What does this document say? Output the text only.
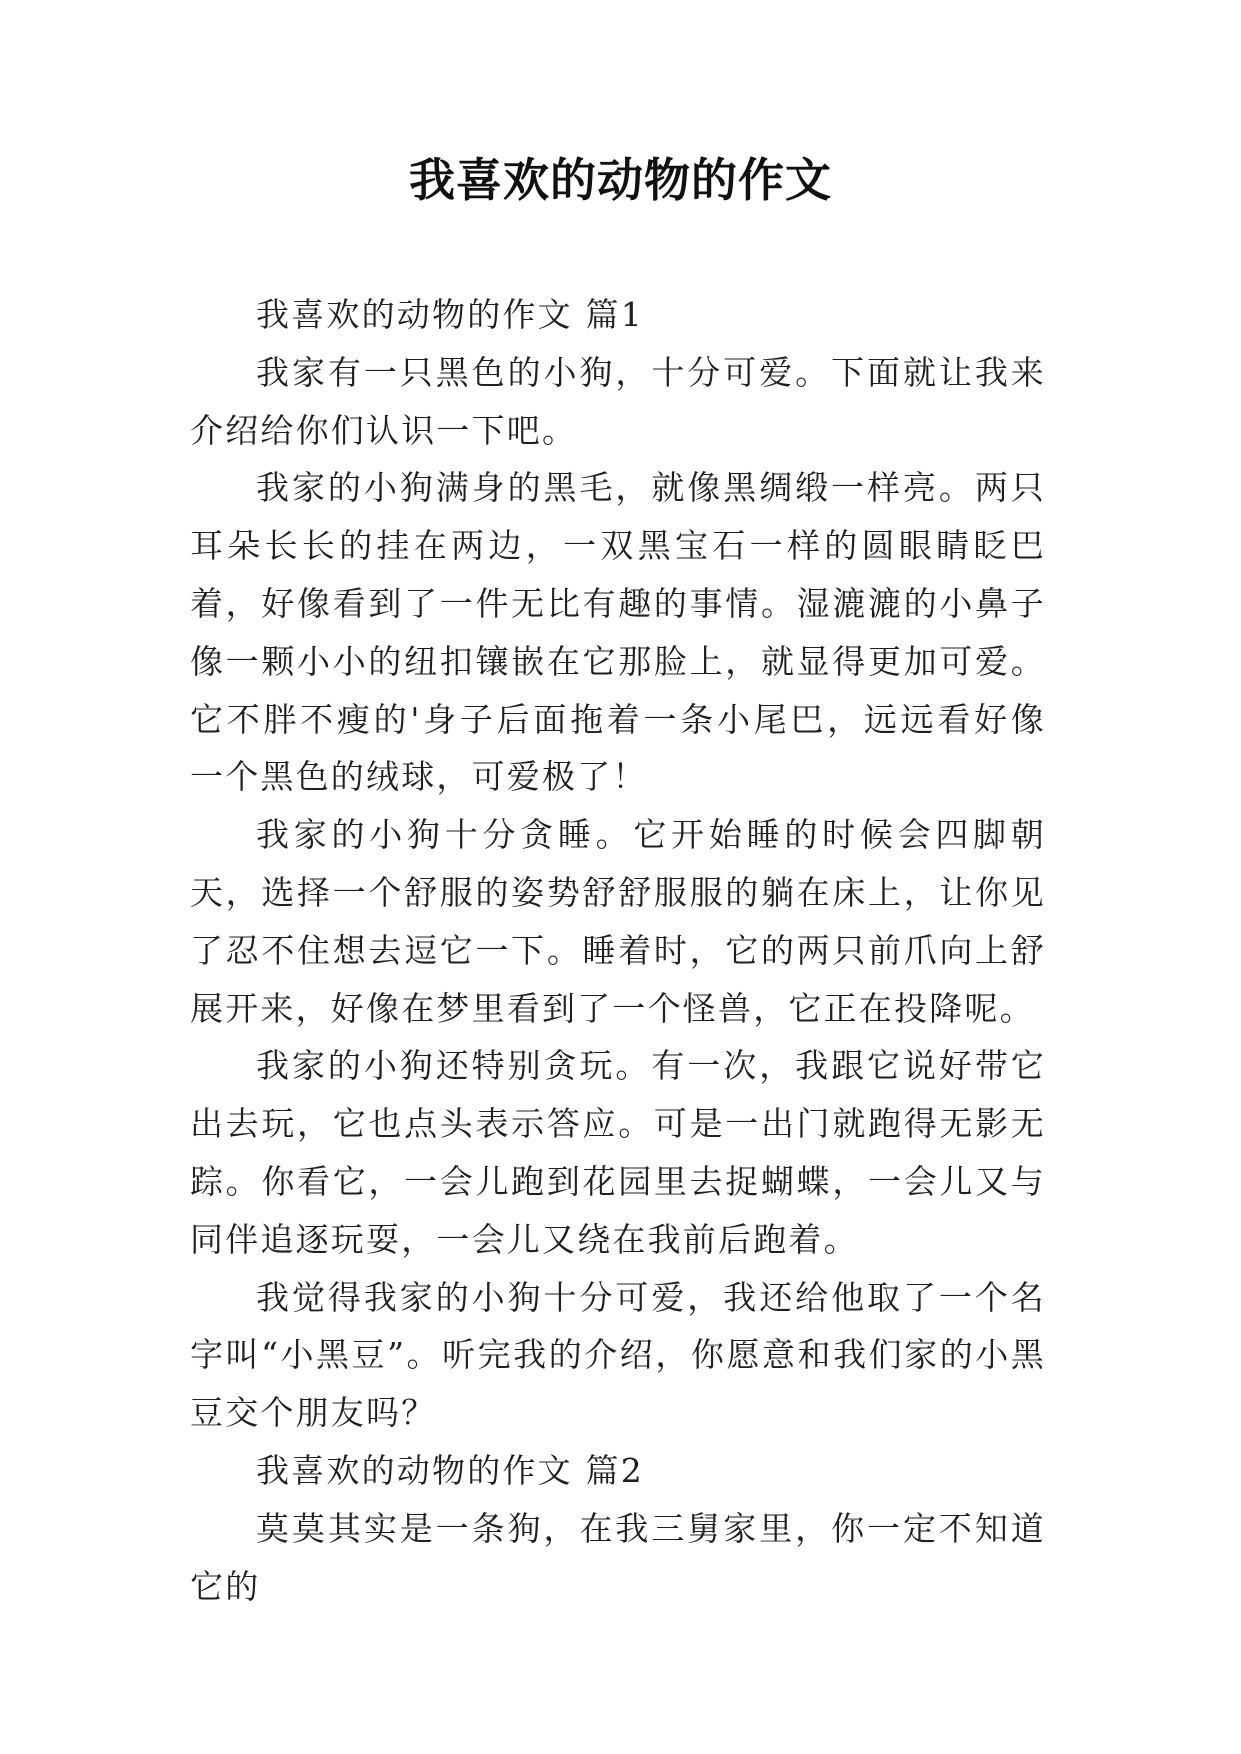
我喜欢的动物的作文

我喜欢的动物的作文 篇1

我家有一只黑色的小狗，十分可爱。下面就让我来介绍给你们认识一下吧。

我家的小狗满身的黑毛，就像黑绸缎一样亮。两只耳朵长长的挂在两边，一双黑宝石一样的圆眼睛眨巴着，好像看到了一件无比有趣的事情。湿漉漉的小鼻子像一颗小小的纽扣镶嵌在它那脸上，就显得更加可爱。它不胖不瘦的'身子后面拖着一条小尾巴，远远看好像一个黑色的绒球，可爱极了！

我家的小狗十分贪睡。它开始睡的时候会四脚朝天，选择一个舒服的姿势舒舒服服的躺在床上，让你见了忍不住想去逗它一下。睡着时，它的两只前爪向上舒展开来，好像在梦里看到了一个怪兽，它正在投降呢。

我家的小狗还特别贪玩。有一次，我跟它说好带它出去玩，它也点头表示答应。可是一出门就跑得无影无踪。你看它，一会儿跑到花园里去捉蝴蝶，一会儿又与同伴追逐玩耍，一会儿又绕在我前后跑着。

我觉得我家的小狗十分可爱，我还给他取了一个名字叫“小黑豆”。听完我的介绍，你愿意和我们家的小黑豆交个朋友吗？

我喜欢的动物的作文 篇2

莫莫其实是一条狗，在我三舅家里，你一定不知道它的
